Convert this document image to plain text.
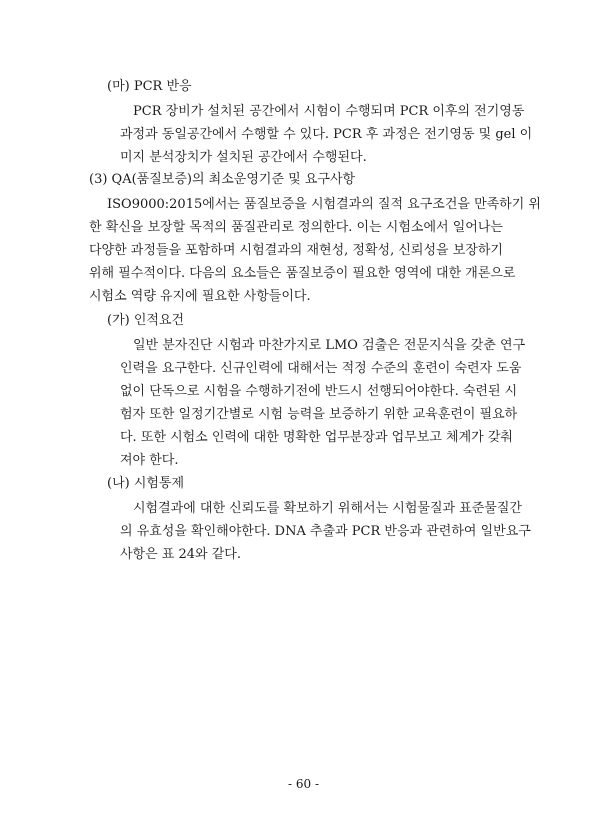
(마) PCR 반응
PCR 장비가 설치된 공간에서 시험이 수행되며 PCR 이후의 전기영동
과정과 동일공간에서 수행할 수 있다. PCR 후 과정은 전기영동 및 gel 이
미지 분석장치가 설치된 공간에서 수행된다.
(3) QA(품질보증)의 최소운영기준 및 요구사항
ISO9000:2015에서는 품질보증을 시험결과의 질적 요구조건을 만족하기 위
한 확신을 보장할 목적의 품질관리로 정의한다. 이는 시험소에서 일어나는
다양한 과정들을 포함하며 시험결과의 재현성, 정확성, 신뢰성을 보장하기
위해 필수적이다. 다음의 요소들은 품질보증이 필요한 영역에 대한 개론으로
시험소 역량 유지에 필요한 사항들이다.
(가) 인적요건
일반 분자진단 시험과 마찬가지로 LMO 검출은 전문지식을 갖춘 연구
인력을 요구한다. 신규인력에 대해서는 적정 수준의 훈련이 숙련자 도움
없이 단독으로 시험을 수행하기전에 반드시 선행되어야한다. 숙련된 시
험자 또한 일정기간별로 시험 능력을 보증하기 위한 교육훈련이 필요하
다. 또한 시험소 인력에 대한 명확한 업무분장과 업무보고 체계가 갖춰
져야 한다.
(나) 시험통제
시험결과에 대한 신뢰도를 확보하기 위해서는 시험물질과 표준물질간
의 유효성을 확인해야한다. DNA 추출과 PCR 반응과 관련하여 일반요구
사항은 표 24와 같다.
- 60 -
